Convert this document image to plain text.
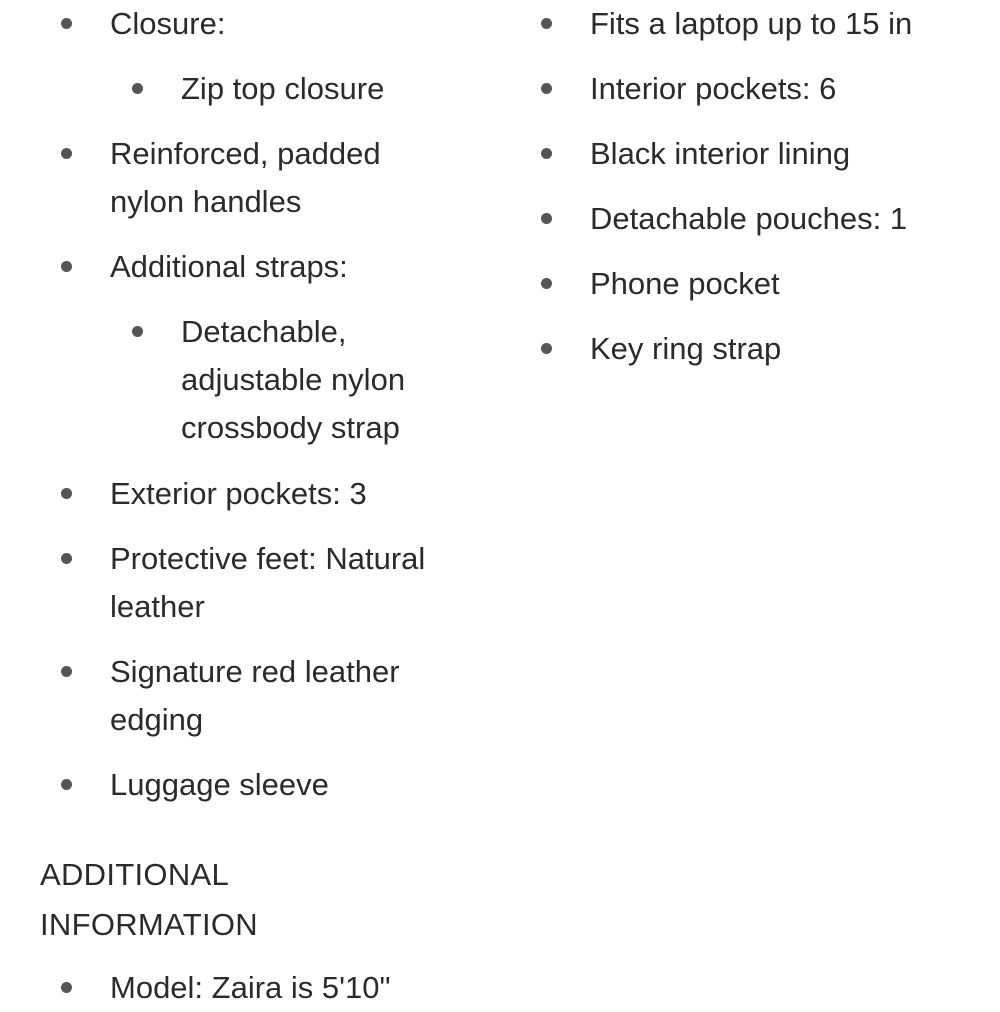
Closure:
Zip top closure
Reinforced, padded
nylon handles
Additional straps:
Detachable,
adjustable nylon
crossbody strap
Exterior pockets: 3
Protective feet: Natural
leather
Signature red leather
edging
Luggage sleeve
Fits a laptop up to 15 in
Interior pockets: 6
Black interior lining
Detachable pouches: 1
Phone pocket
Key ring strap
ADDITIONAL
INFORMATION
Model: Zaira is 5'10"
